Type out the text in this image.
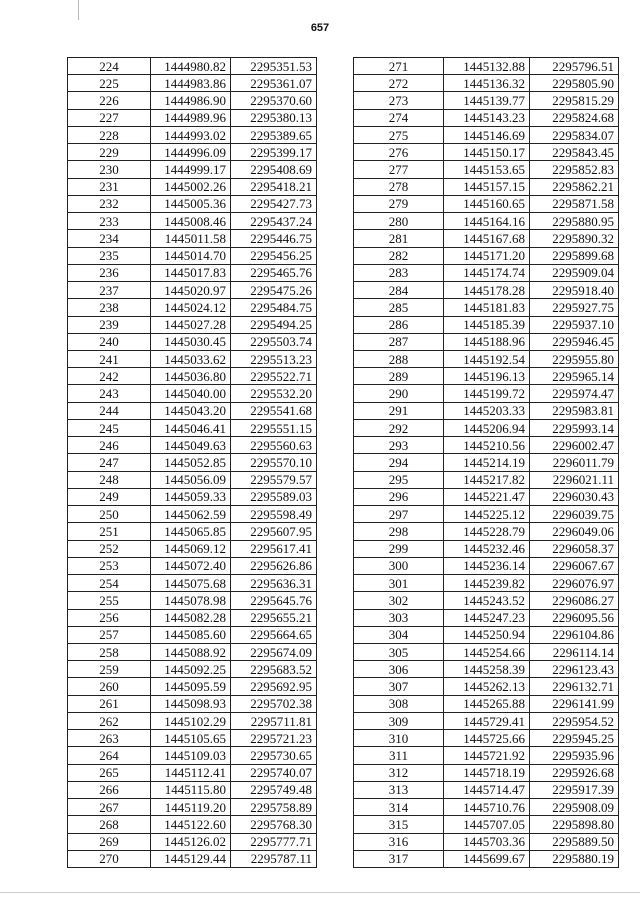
657
224	1444980.82	2295351.53
225	1444983.86	2295361.07
226	1444986.90	2295370.60
227	1444989.96	2295380.13
228	1444993.02	2295389.65
229	1444996.09	2295399.17
230	1444999.17	2295408.69
231	1445002.26	2295418.21
232	1445005.36	2295427.73
233	1445008.46	2295437.24
234	1445011.58	2295446.75
235	1445014.70	2295456.25
236	1445017.83	2295465.76
237	1445020.97	2295475.26
238	1445024.12	2295484.75
239	1445027.28	2295494.25
240	1445030.45	2295503.74
241	1445033.62	2295513.23
242	1445036.80	2295522.71
243	1445040.00	2295532.20
244	1445043.20	2295541.68
245	1445046.41	2295551.15
246	1445049.63	2295560.63
247	1445052.85	2295570.10
248	1445056.09	2295579.57
249	1445059.33	2295589.03
250	1445062.59	2295598.49
251	1445065.85	2295607.95
252	1445069.12	2295617.41
253	1445072.40	2295626.86
254	1445075.68	2295636.31
255	1445078.98	2295645.76
256	1445082.28	2295655.21
257	1445085.60	2295664.65
258	1445088.92	2295674.09
259	1445092.25	2295683.52
260	1445095.59	2295692.95
261	1445098.93	2295702.38
262	1445102.29	2295711.81
263	1445105.65	2295721.23
264	1445109.03	2295730.65
265	1445112.41	2295740.07
266	1445115.80	2295749.48
267	1445119.20	2295758.89
268	1445122.60	2295768.30
269	1445126.02	2295777.71
270	1445129.44	2295787.11
271	1445132.88	2295796.51
272	1445136.32	2295805.90
273	1445139.77	2295815.29
274	1445143.23	2295824.68
275	1445146.69	2295834.07
276	1445150.17	2295843.45
277	1445153.65	2295852.83
278	1445157.15	2295862.21
279	1445160.65	2295871.58
280	1445164.16	2295880.95
281	1445167.68	2295890.32
282	1445171.20	2295899.68
283	1445174.74	2295909.04
284	1445178.28	2295918.40
285	1445181.83	2295927.75
286	1445185.39	2295937.10
287	1445188.96	2295946.45
288	1445192.54	2295955.80
289	1445196.13	2295965.14
290	1445199.72	2295974.47
291	1445203.33	2295983.81
292	1445206.94	2295993.14
293	1445210.56	2296002.47
294	1445214.19	2296011.79
295	1445217.82	2296021.11
296	1445221.47	2296030.43
297	1445225.12	2296039.75
298	1445228.79	2296049.06
299	1445232.46	2296058.37
300	1445236.14	2296067.67
301	1445239.82	2296076.97
302	1445243.52	2296086.27
303	1445247.23	2296095.56
304	1445250.94	2296104.86
305	1445254.66	2296114.14
306	1445258.39	2296123.43
307	1445262.13	2296132.71
308	1445265.88	2296141.99
309	1445729.41	2295954.52
310	1445725.66	2295945.25
311	1445721.92	2295935.96
312	1445718.19	2295926.68
313	1445714.47	2295917.39
314	1445710.76	2295908.09
315	1445707.05	2295898.80
316	1445703.36	2295889.50
317	1445699.67	2295880.19
